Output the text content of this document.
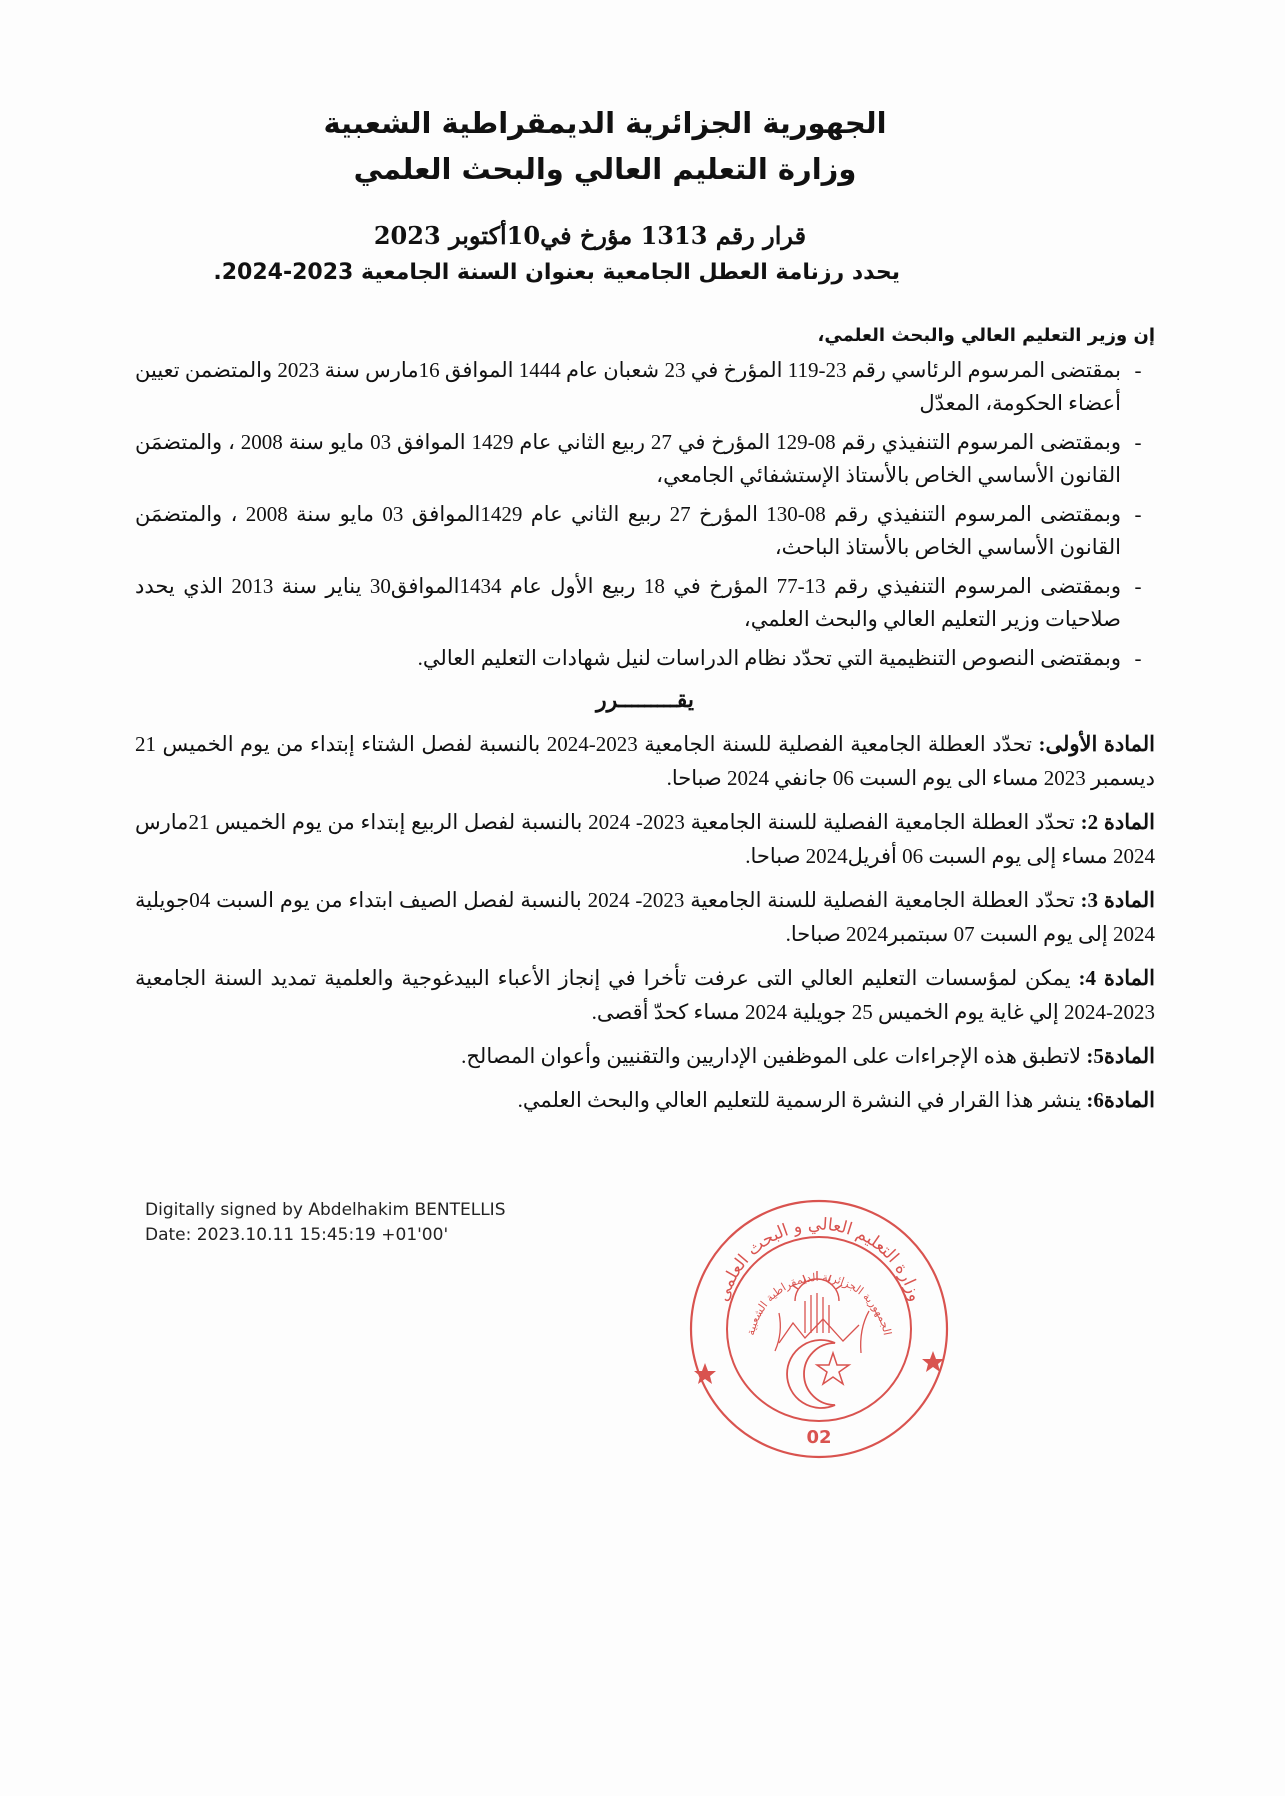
الجهورية الجزائرية الديمقراطية الشعبية
وزارة التعليم العالي والبحث العلمي
قرار رقم 1313 مؤرخ في10أكتوبر 2023
يحدد رزنامة العطل الجامعية بعنوان السنة الجامعية 2023-2024.
إن وزير التعليم العالي والبحث العلمي،
-
بمقتضى المرسوم الرئاسي رقم 23-119 المؤرخ في 23 شعبان عام 1444 الموافق 16مارس سنة 2023 والمتضمن تعيين أعضاء الحكومة، المعدّل
-
وبمقتضى المرسوم التنفيذي رقم 08-129 المؤرخ في 27 ربيع الثاني عام 1429 الموافق 03 مايو سنة 2008 ، والمتضمَن القانون الأساسي الخاص بالأستاذ الإستشفائي الجامعي،
-
وبمقتضى المرسوم التنفيذي رقم 08-130 المؤرخ 27 ربيع الثاني عام 1429الموافق 03 مايو سنة 2008 ، والمتضمَن القانون الأساسي الخاص بالأستاذ الباحث،
-
وبمقتضى المرسوم التنفيذي رقم 13-77 المؤرخ في 18 ربيع الأول عام 1434الموافق30 يناير سنة 2013 الذي يحدد صلاحيات وزير التعليم العالي والبحث العلمي،
-
وبمقتضى النصوص التنظيمية التي تحدّد نظام الدراسات لنيل شهادات التعليم العالي.
يقـــــــــرر
المادة الأولى: تحدّد العطلة الجامعية الفصلية للسنة الجامعية 2023-2024 بالنسبة لفصل الشتاء إبتداء من يوم الخميس 21 ديسمبر 2023 مساء الى يوم السبت 06 جانفي 2024 صباحا.
المادة 2: تحدّد العطلة الجامعية الفصلية للسنة الجامعية 2023- 2024 بالنسبة لفصل الربيع إبتداء من يوم الخميس 21مارس 2024 مساء إلى يوم السبت 06 أفريل2024 صباحا.
المادة 3: تحدّد العطلة الجامعية الفصلية للسنة الجامعية 2023- 2024 بالنسبة لفصل الصيف ابتداء من يوم السبت 04جويلية 2024 إلى يوم السبت 07 سبتمبر2024 صباحا.
المادة 4: يمكن لمؤسسات التعليم العالي التى عرفت تأخرا في إنجاز الأعباء البيدغوجية والعلمية تمديد السنة الجامعية 2023-2024 إلي غاية يوم الخميس 25 جويلية 2024 مساء كحدّ أقصى.
المادة5: لاتطبق هذه الإجراءات على الموظفين الإداريين والتقنيين وأعوان المصالح.
المادة6: ينشر هذا القرار في النشرة الرسمية للتعليم العالي والبحث العلمي.
Digitally signed by Abdelhakim BENTELLIS
Date: 2023.10.11 15:45:19 +01'00'
وزارة التعليم العالي و البحث العلمي
الجمهورية الجزائرية الديمقراطية الشعبية
02
